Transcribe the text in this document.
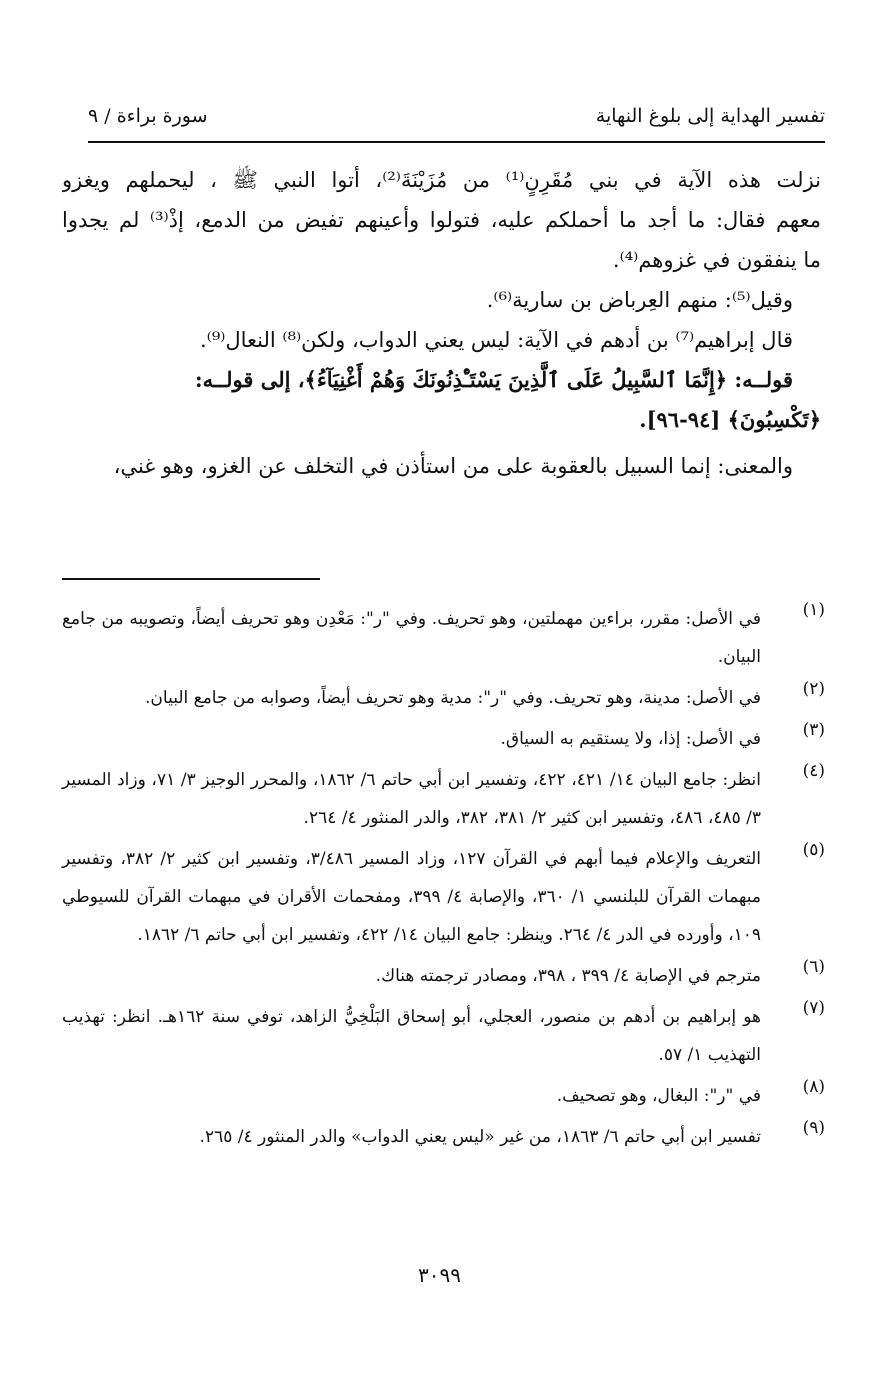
تفسير الهداية إلى بلوغ النهاية
سورة براءة / ٩
نزلت هذه الآية في بني مُقَرِنٍ⁽¹⁾ من مُزَيْنَةَ⁽²⁾، أتوا النبي ﷺ ، ليحملهم ويغزو
معهم فقال: ما أجد ما أحملكم عليه، فتولوا وأعينهم تفيض من الدمع، إذْ⁽³⁾ لم يجدوا
ما ينفقون في غزوهم⁽⁴⁾.
وقيل⁽⁵⁾: منهم العِرباض بن سارية⁽⁶⁾.
قال إبراهيم⁽⁷⁾ بن أدهم في الآية: ليس يعني الدواب، ولكن⁽⁸⁾ النعال⁽⁹⁾.
قولــه: ﴿إِنَّمَا ٱلسَّبِيلُ عَلَى ٱلَّذِينَ يَسْتَـْٔذِنُونَكَ وَهُمْ أَغْنِيَآءُ﴾، إلى قولــه:
﴿تَكْسِبُونَ﴾ [٩٤-٩٦].
والمعنى: إنما السبيل بالعقوبة على من استأذن في التخلف عن الغزو، وهو غني،
(١)
في الأصل: مقرر، براءين مهملتين، وهو تحريف. وفي "ر": مَعْدِن وهو تحريف أيضاً، وتصويبه من جامع البيان.
(٢)
في الأصل: مدينة، وهو تحريف. وفي "ر": مدية وهو تحريف أيضاً، وصوابه من جامع البيان.
(٣)
في الأصل: إذا، ولا يستقيم به السياق.
(٤)
انظر: جامع البيان ١٤/ ٤٢١، ٤٢٢، وتفسير ابن أبي حاتم ٦/ ١٨٦٢، والمحرر الوجيز ٣/ ٧١، وزاد المسير ٣/ ٤٨٥، ٤٨٦، وتفسير ابن كثير ٢/ ٣٨١، ٣٨٢، والدر المنثور ٤/ ٢٦٤.
(٥)
التعريف والإعلام فيما أبهم في القرآن ١٢٧، وزاد المسير ٣/٤٨٦، وتفسير ابن كثير ٢/ ٣٨٢، وتفسير مبهمات القرآن للبلنسي ١/ ٣٦٠، والإصابة ٤/ ٣٩٩، ومفحمات الأقران في مبهمات القرآن للسيوطي ١٠٩، وأورده في الدر ٤/ ٢٦٤. وينظر: جامع البيان ١٤/ ٤٢٢، وتفسير ابن أبي حاتم ٦/ ١٨٦٢.
(٦)
مترجم في الإصابة ٤/ ٣٩٩ ، ٣٩٨، ومصادر ترجمته هناك.
(٧)
هو إبراهيم بن أدهم بن منصور، العجلي، أبو إسحاق البَلْخِيُّ الزاهد، توفي سنة ١٦٢هـ. انظر: تهذيب التهذيب ١/ ٥٧.
(٨)
في "ر": البغال، وهو تصحيف.
(٩)
تفسير ابن أبي حاتم ٦/ ١٨٦٣، من غير «ليس يعني الدواب» والدر المنثور ٤/ ٢٦٥.
٣٠٩٩
